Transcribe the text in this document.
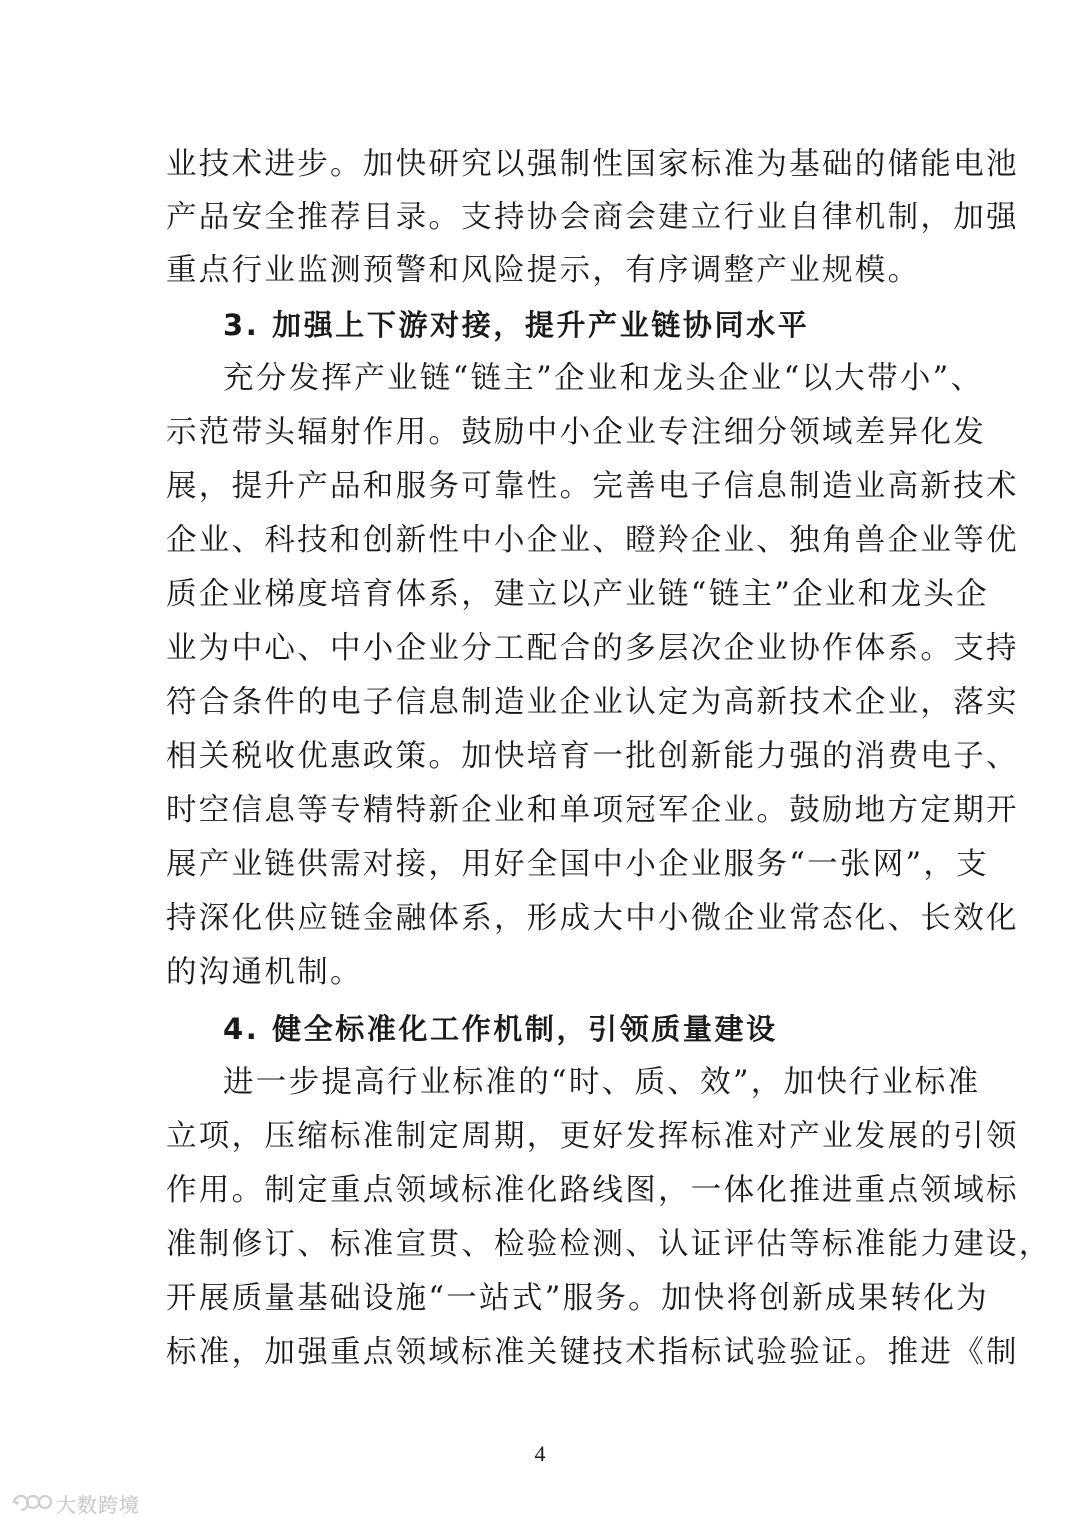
业技术进步。加快研究以强制性国家标准为基础的储能电池
产品安全推荐目录。支持协会商会建立行业自律机制，加强
重点行业监测预警和风险提示，有序调整产业规模。
3. 加强上下游对接，提升产业链协同水平
充分发挥产业链“链主”企业和龙头企业“以大带小”、
示范带头辐射作用。鼓励中小企业专注细分领域差异化发
展，提升产品和服务可靠性。完善电子信息制造业高新技术
企业、科技和创新性中小企业、瞪羚企业、独角兽企业等优
质企业梯度培育体系，建立以产业链“链主”企业和龙头企
业为中心、中小企业分工配合的多层次企业协作体系。支持
符合条件的电子信息制造业企业认定为高新技术企业，落实
相关税收优惠政策。加快培育一批创新能力强的消费电子、
时空信息等专精特新企业和单项冠军企业。鼓励地方定期开
展产业链供需对接，用好全国中小企业服务“一张网”，支
持深化供应链金融体系，形成大中小微企业常态化、长效化
的沟通机制。
4. 健全标准化工作机制，引领质量建设
进一步提高行业标准的“时、质、效”，加快行业标准
立项，压缩标准制定周期，更好发挥标准对产业发展的引领
作用。制定重点领域标准化路线图，一体化推进重点领域标
准制修订、标准宣贯、检验检测、认证评估等标准能力建设，
开展质量基础设施“一站式”服务。加快将创新成果转化为
标准，加强重点领域标准关键技术指标试验验证。推进《制
4
大数跨境
